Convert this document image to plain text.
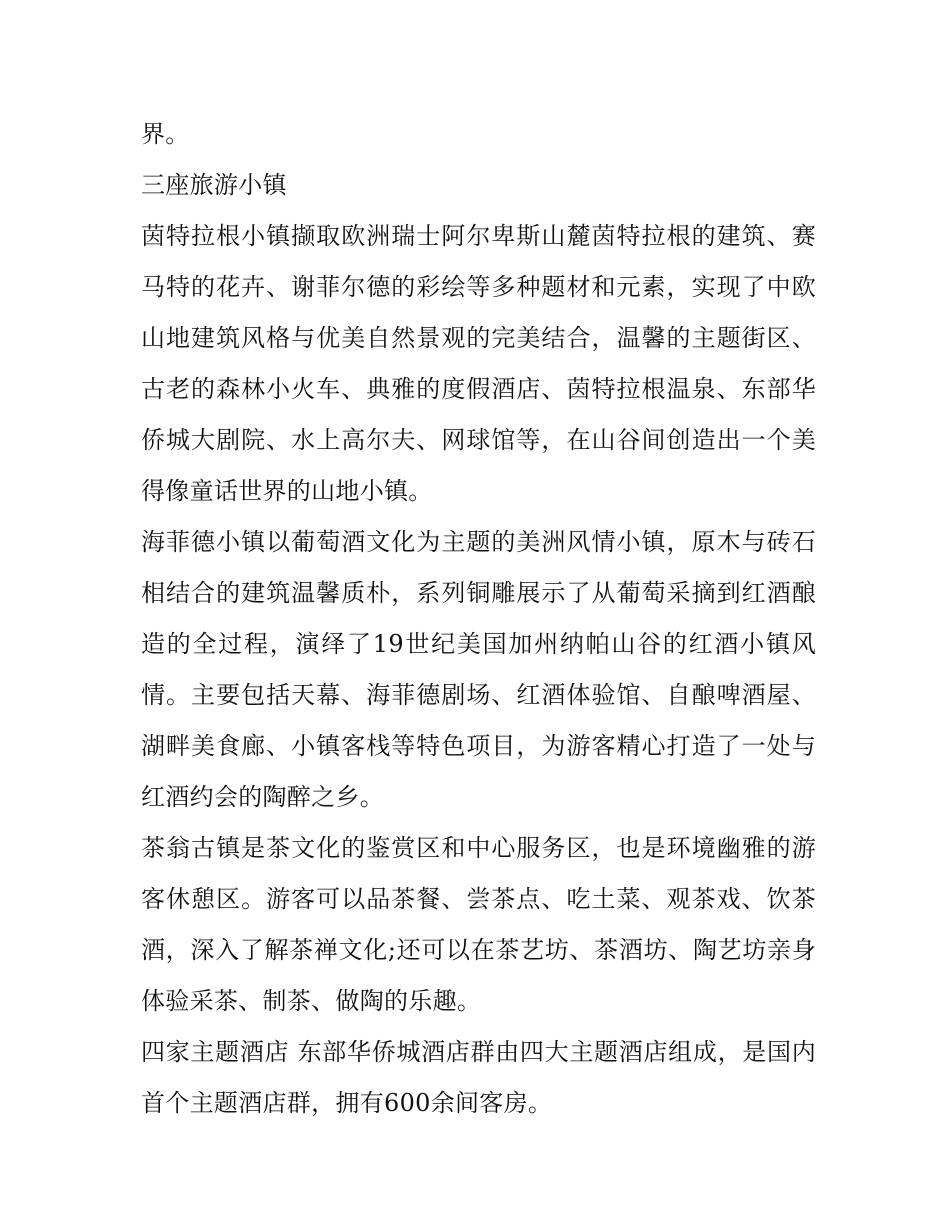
界。

三座旅游小镇

茵特拉根小镇撷取欧洲瑞士阿尔卑斯山麓茵特拉根的建筑、赛马特的花卉、谢菲尔德的彩绘等多种题材和元素，实现了中欧山地建筑风格与优美自然景观的完美结合，温馨的主题街区、古老的森林小火车、典雅的度假酒店、茵特拉根温泉、东部华侨城大剧院、水上高尔夫、网球馆等，在山谷间创造出一个美得像童话世界的山地小镇。

海菲德小镇以葡萄酒文化为主题的美洲风情小镇，原木与砖石相结合的建筑温馨质朴，系列铜雕展示了从葡萄采摘到红酒酿造的全过程，演绎了19世纪美国加州纳帕山谷的红酒小镇风情。主要包括天幕、海菲德剧场、红酒体验馆、自酿啤酒屋、湖畔美食廊、小镇客栈等特色项目，为游客精心打造了一处与红酒约会的陶醉之乡。

茶翁古镇是茶文化的鉴赏区和中心服务区，也是环境幽雅的游客休憩区。游客可以品茶餐、尝茶点、吃土菜、观茶戏、饮茶酒，深入了解茶禅文化;还可以在茶艺坊、茶酒坊、陶艺坊亲身体验采茶、制茶、做陶的乐趣。

四家主题酒店 东部华侨城酒店群由四大主题酒店组成，是国内首个主题酒店群，拥有600余间客房。
